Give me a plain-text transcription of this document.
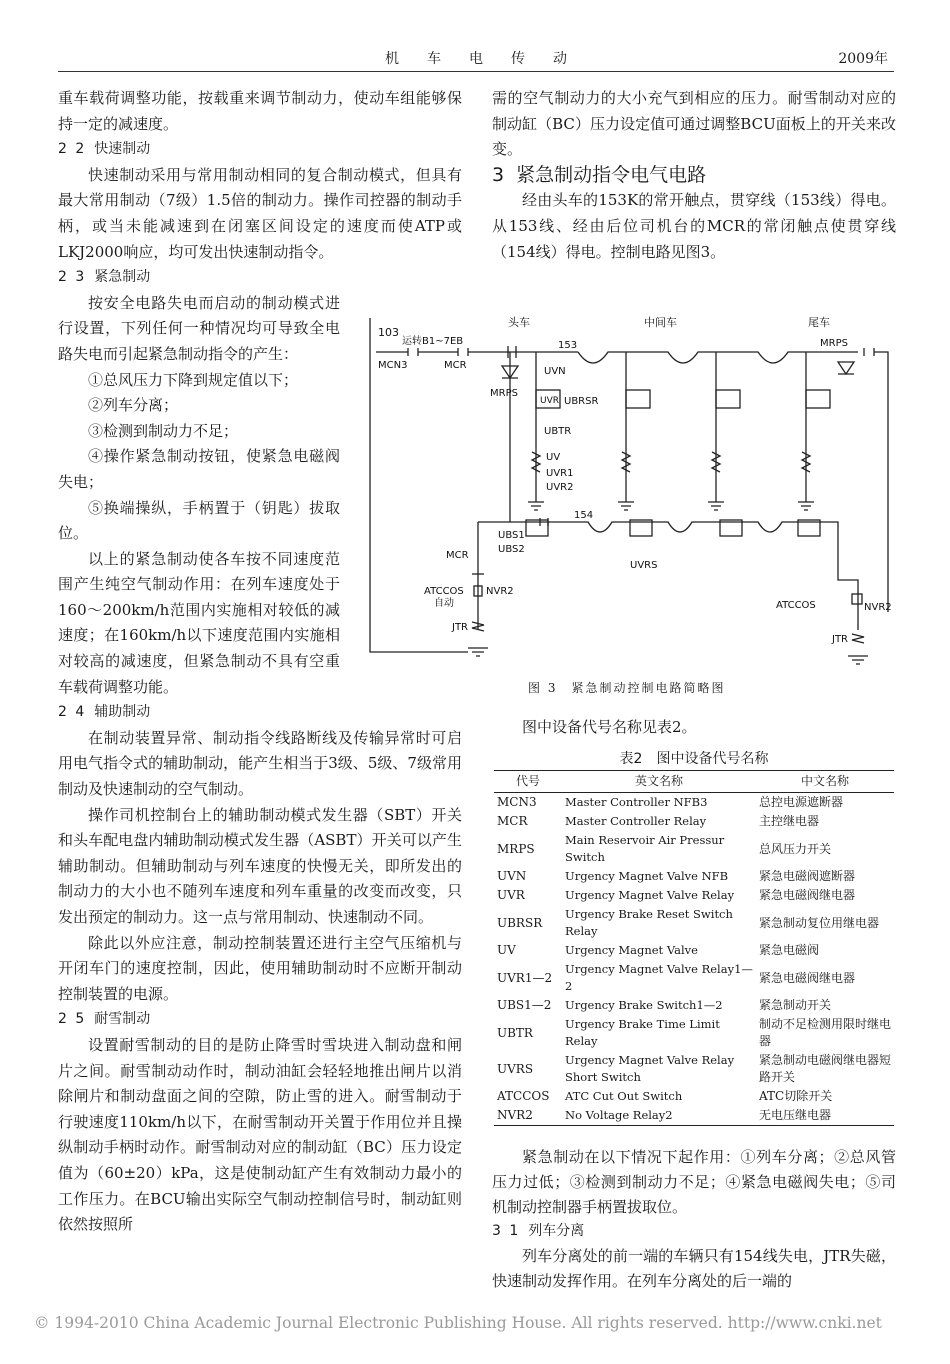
机车电传动	2009年

重车载荷调整功能，按载重来调节制动力，使动车组能够保持一定的减速度。

2 2 快速制动

快速制动采用与常用制动相同的复合制动模式，但具有最大常用制动（7级）1.5倍的制动力。操作司控器的制动手柄，或当未能减速到在闭塞区间设定的速度而使ATP或LKJ2000响应，均可发出快速制动指令。

2 3 紧急制动

按安全电路失电而启动的制动模式进行设置，下列任何一种情况均可导致全电路失电而引起紧急制动指令的产生：

①总风压力下降到规定值以下；

②列车分离；

③检测到制动力不足；

④操作紧急制动按钮，使紧急电磁阀失电；

⑤换端操纵，手柄置于（钥匙）拔取位。

以上的紧急制动使各车按不同速度范围产生纯空气制动作用：在列车速度处于160～200km/h范围内实施相对较低的减速度；在160km/h以下速度范围内实施相对较高的减速度，但紧急制动不具有空重车载荷调整功能。

2 4 辅助制动

在制动装置异常、制动指令线路断线及传输异常时可启用电气指令式的辅助制动，能产生相当于3级、5级、7级常用制动及快速制动的空气制动。

操作司机控制台上的辅助制动模式发生器（SBT）开关和头车配电盘内辅助制动模式发生器（ASBT）开关可以产生辅助制动。但辅助制动与列车速度的快慢无关，即所发出的制动力的大小也不随列车速度和列车重量的改变而改变，只发出预定的制动力。这一点与常用制动、快速制动不同。

除此以外应注意，制动控制装置还进行主空气压缩机与开闭车门的速度控制，因此，使用辅助制动时不应断开制动控制装置的电源。

2 5 耐雪制动

设置耐雪制动的目的是防止降雪时雪块进入制动盘和闸片之间。耐雪制动动作时，制动油缸会轻轻地推出闸片以消除闸片和制动盘面之间的空隙，防止雪的进入。耐雪制动于行驶速度110km/h以下，在耐雪制动开关置于作用位并且操纵制动手柄时动作。耐雪制动对应的制动缸（BC）压力设定值为（60±20）kPa，这是使制动缸产生有效制动力最小的工作压力。在BCU输出实际空气制动控制信号时，制动缸则依然按照所

需的空气制动力的大小充气到相应的压力。耐雪制动对应的制动缸（BC）压力设定值可通过调整BCU面板上的开关来改变。

3 紧急制动指令电气电路

经由头车的153K的常开触点，贯穿线（153线）得电。从153线、经由后位司机台的MCR的常闭触点使贯穿线（154线）得电。控制电路见图3。

头车	中间车	尾车
103
运转B1~7EB
MCN3	MCR
153
154
MRPS
MRPS
UVN
UVR UBRSR
UBTR
UV
UVR1
UVR2
UBS1
UBS2
UVRS
MCR
ATCCOS
自动
NVR2
JTR
ATCCOS	NVR2
JTR
图 3　紧急制动控制电路简略图
图中设备代号名称见表2。
表2　图中设备代号名称
代号	英文名称	中文名称
MCN3	Master Controller NFB3	总控电源遮断器
MCR	Master Controller Relay	主控继电器
MRPS	Main Reservoir Air Pressur Switch	总风压力开关
UVN	Urgency Magnet Valve NFB	紧急电磁阀遮断器
UVR	Urgency Magnet Valve Relay	紧急电磁阀继电器
UBRSR	Urgency Brake Reset Switch Relay	紧急制动复位用继电器
UV	Urgency Magnet Valve	紧急电磁阀
UVR1—2	Urgency Magnet Valve Relay1—2	紧急电磁阀继电器
UBS1—2	Urgency Brake Switch1—2	紧急制动开关
UBTR	Urgency Brake Time Limit Relay	制动不足检测用限时继电器
UVRS	Urgency Magnet Valve Relay Short Switch	紧急制动电磁阀继电器短路开关
ATCCOS	ATC Cut Out Switch	ATC切除开关
NVR2	No Voltage Relay2	无电压继电器

紧急制动在以下情况下起作用：①列车分离；②总风管压力过低；③检测到制动力不足；④紧急电磁阀失电；⑤司机制动控制器手柄置拔取位。

3 1 列车分离

列车分离处的前一端的车辆只有154线失电，JTR失磁，快速制动发挥作用。在列车分离处的后一端的

© 1994-2010 China Academic Journal Electronic Publishing House. All rights reserved. http://www.cnki.net
